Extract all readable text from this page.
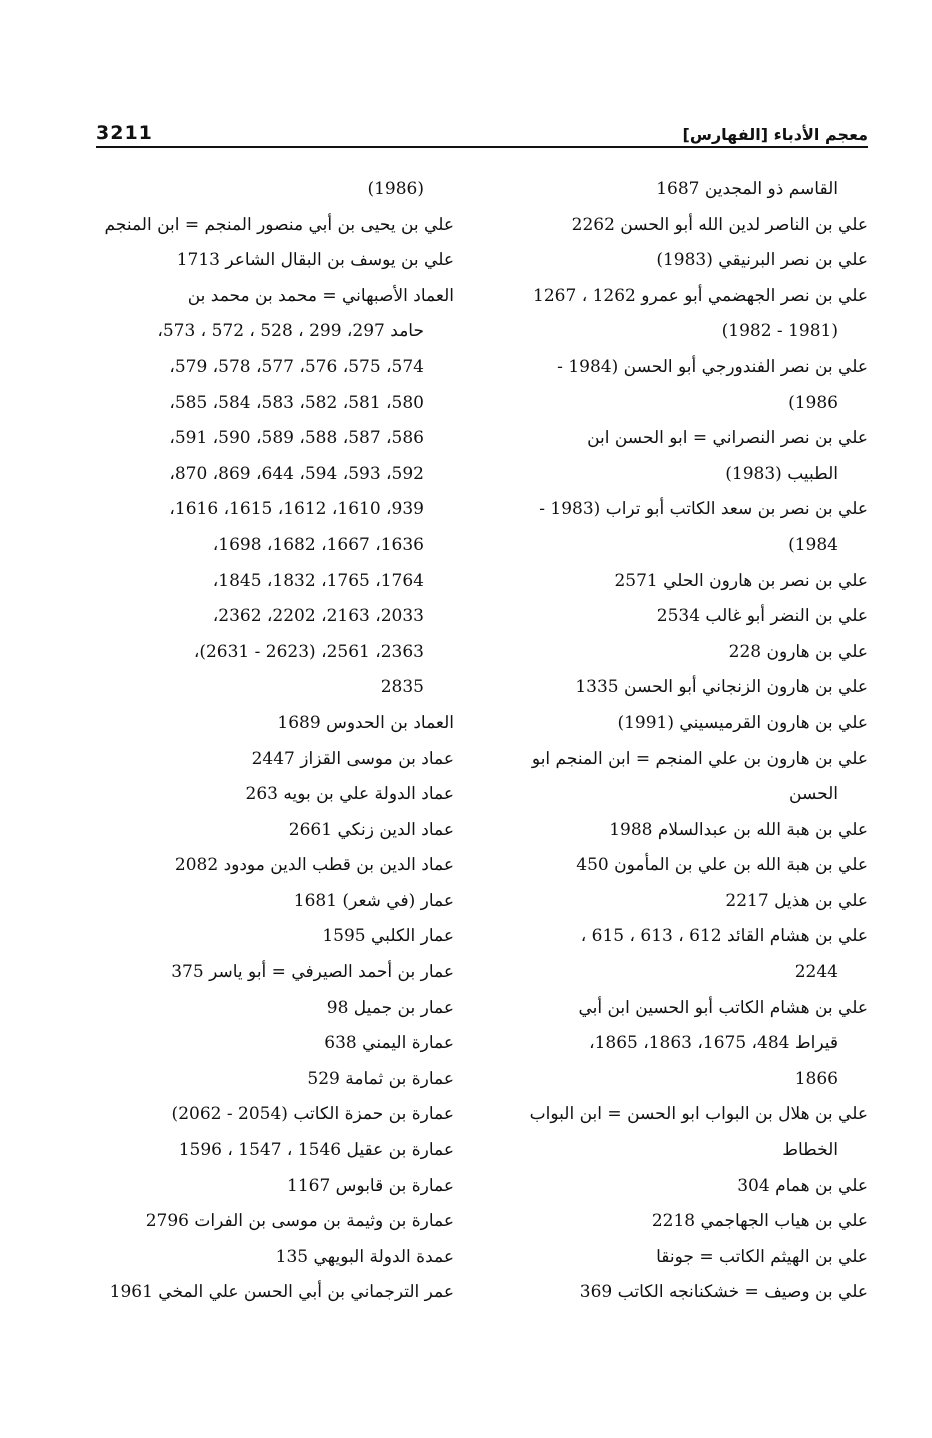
3211	معجم الأدباء [الفهارس]

القاسم ذو المجدين 1687

علي بن الناصر لدين الله أبو الحسن 2262

علي بن نصر البرنيقي (1983)

علي بن نصر الجهضمي أبو عمرو 1262 ، 1267

(1981 - 1982)

علي بن نصر الفندورجي أبو الحسن (1984 -

1986)

علي بن نصر النصراني = ابو الحسن ابن

الطبيب (1983)

علي بن نصر بن سعد الكاتب أبو تراب (1983 -

1984)

علي بن نصر بن هارون الحلي 2571

علي بن النضر أبو غالب 2534

علي بن هارون 228

علي بن هارون الزنجاني أبو الحسن 1335

علي بن هارون القرميسيني (1991)

علي بن هارون بن علي المنجم = ابن المنجم ابو

الحسن

علي بن هبة الله بن عبدالسلام 1988

علي بن هبة الله بن علي بن المأمون 450

علي بن هذيل 2217

علي بن هشام القائد 612 ، 613 ، 615 ،

2244

علي بن هشام الكاتب أبو الحسين ابن أبي

قيراط 484، 1675، 1863، 1865،

1866

علي بن هلال بن البواب ابو الحسن = ابن البواب

الخطاط

علي بن همام 304

علي بن هياب الجهاجمي 2218

علي بن الهيثم الكاتب = جونقا

علي بن وصيف = خشكنانجه الكاتب 369

(1986)

علي بن يحيى بن أبي منصور المنجم = ابن المنجم

علي بن يوسف بن البقال الشاعر 1713

العماد الأصبهاني = محمد بن محمد بن

حامد 297، 299 ، 528 ، 572 ، 573،

574، 575، 576، 577، 578، 579،

580، 581، 582، 583، 584، 585،

586، 587، 588، 589، 590، 591،

592، 593، 594، 644، 869، 870،

939، 1610، 1612، 1615، 1616،

1636، 1667، 1682، 1698،

1764، 1765، 1832، 1845،

2033، 2163، 2202، 2362،

2363، 2561، (2623 - 2631)،

2835

العماد بن الحدوس 1689

عماد بن موسى القزاز 2447

عماد الدولة علي بن بويه 263

عماد الدين زنكي 2661

عماد الدين بن قطب الدين مودود 2082

عمار (في شعر) 1681

عمار الكلبي 1595

عمار بن أحمد الصيرفي = أبو ياسر 375

عمار بن جميل 98

عمارة اليمني 638

عمارة بن ثمامة 529

عمارة بن حمزة الكاتب (2054 - 2062)

عمارة بن عقيل 1546 ، 1547 ، 1596

عمارة بن قابوس 1167

عمارة بن وثيمة بن موسى بن الفرات 2796

عمدة الدولة البويهي 135

عمر الترجماني بن أبي الحسن علي المخي 1961
